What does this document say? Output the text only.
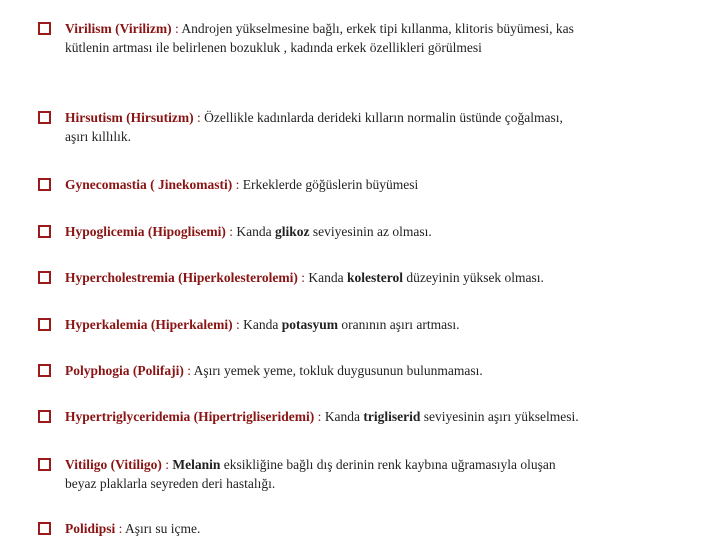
Virilism (Virilizm) : Androjen yükselmesine bağlı, erkek tipi kıllanma, klitoris büyümesi, kas
kütlenin artması ile belirlenen bozukluk , kadında erkek özellikleri görülmesi
Hirsutism (Hirsutizm) : Özellikle kadınlarda derideki kılların normalin üstünde çoğalması,
aşırı kıllılık.
Gynecomastia ( Jinekomasti) : Erkeklerde göğüslerin büyümesi
Hypoglicemia (Hipoglisemi) : Kanda glikoz seviyesinin az olması.
Hypercholestremia (Hiperkolesterolemi) : Kanda kolesterol düzeyinin yüksek olması.
Hyperkalemia (Hiperkalemi) : Kanda potasyum oranının aşırı artması.
Polyphogia (Polifaji) : Aşırı yemek yeme, tokluk duygusunun bulunmaması.
Hypertriglyceridemia (Hipertrigliseridemi) : Kanda trigliserid seviyesinin aşırı yükselmesi.
Vitiligo (Vitiligo) : Melanin eksikliğine bağlı dış derinin renk kaybına uğramasıyla oluşan
beyaz plaklarla seyreden deri hastalığı.
Polidipsi : Aşırı su içme.
